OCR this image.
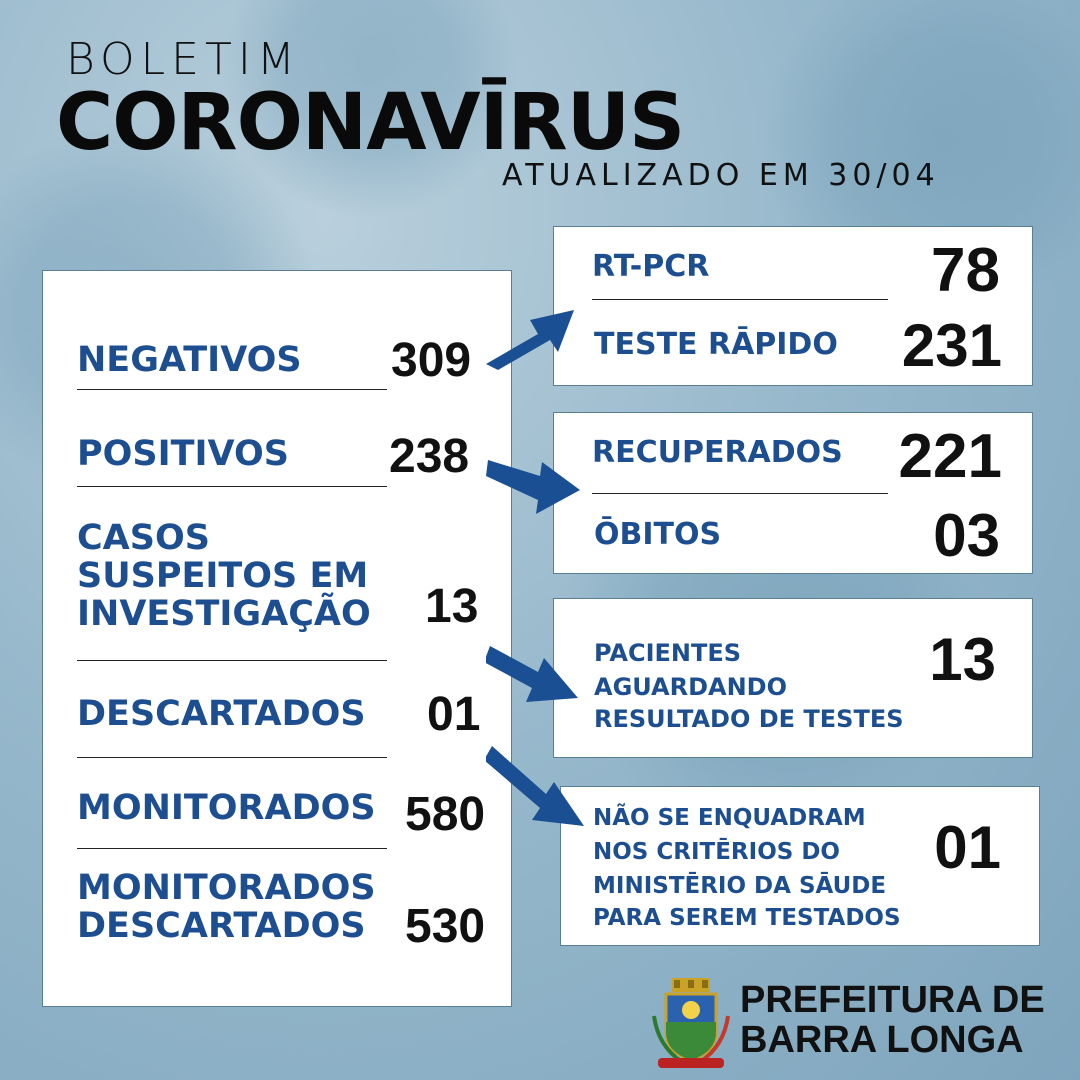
BOLETIM
CORONAVĪRUS
ATUALIZADO EM 30/04
NEGATIVOS	309
POSITIVOS	238
CASOS SUSPEITOS EM INVESTIGAÇÃO	13
DESCARTADOS	01
MONITORADOS 580
MONITORADOS DESCARTADOS 530
RT-PCR	78
TESTE RĀPIDO 231
RECUPERADOS 221
ŌBITOS	03
PACIENTES
AGUARDANDO
RESULTADO DE TESTES
13
NÃO SE ENQUADRAM
NOS CRITĒRIOS DO
MINISTĒRIO DA SĀUDE
PARA SEREM TESTADOS
01
PREFEITURA DE
BARRA LONGA
